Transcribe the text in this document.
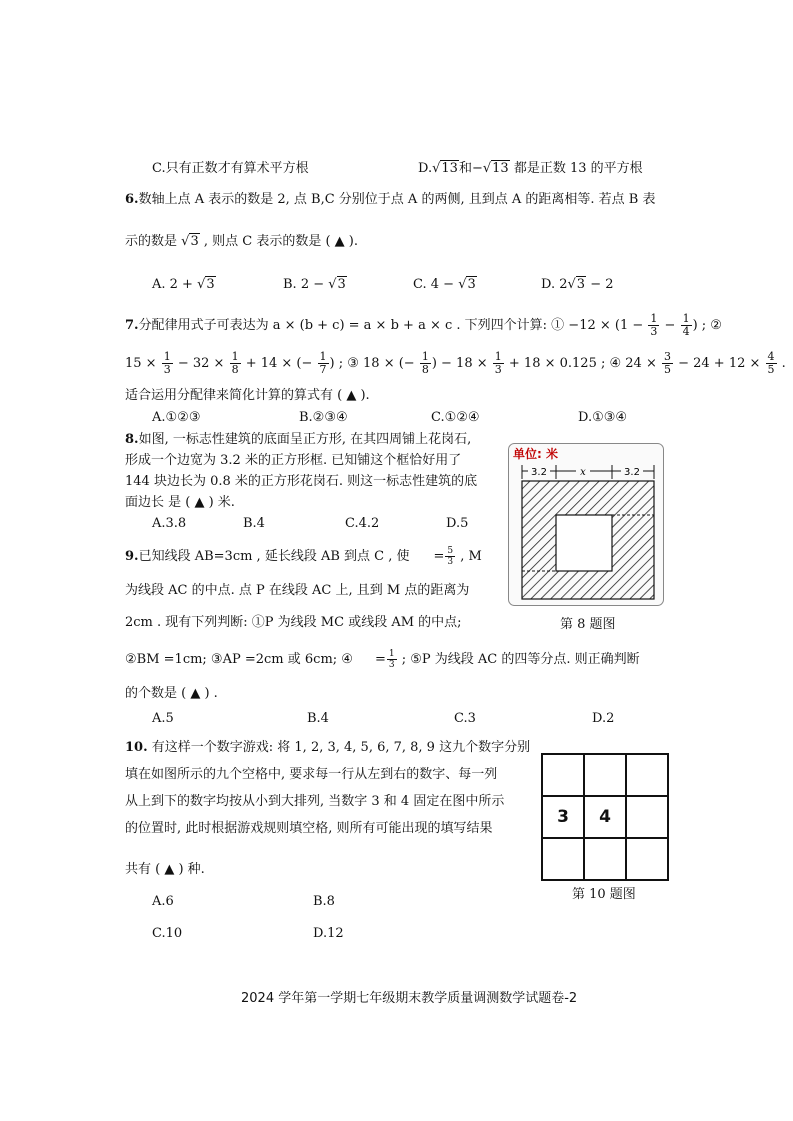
C.只有正数才有算术平方根	D.√13和−√13 都是正数 13 的平方根
6.数轴上点 A 表示的数是 2, 点 B,C 分别位于点 A 的两侧, 且到点 A 的距离相等. 若点 B 表
示的数是 √3 , 则点 C 表示的数是 ( ▲ ).
A. 2 + √3	B. 2 − √3	C. 4 − √3	D. 2√3 − 2
7.分配律用式子可表达为 a × (b + c) = a × b + a × c . 下列四个计算: ① $-12 \times (1 - \frac{1}{3} - \frac{1}{4}$ ) ; ②
$15 \times \frac{1}{3} - 32 \times \frac{1}{8} + 14$ × (− $\frac{1}{7}$ ) ; ③ 18 × (− $\frac{1}{8}$ ) − $18 \times \frac{1}{3} + 18 \times 0.125$ ; ④ $24 \times \frac{3}{5} - 24 + 12 \times \frac{4}{5}$ .
适合运用分配律来简化计算的算式有 ( ▲ ).
A.①②③	B.②③④	C.①②④	D.①③④
8.如图, 一标志性建筑的底面呈正方形, 在其四周铺上花岗石,
形成一个边宽为 3.2 米的正方形框. 已知铺这个框恰好用了
144 块边长为 0.8 米的正方形花岗石. 则这一标志性建筑的底
面边长 是 ( ▲ ) 米.
A.3.8	B.4	C.4.2	D.5
单位: 米
3.2	x	3.2
第 8 题图
9.已知线段 AB=3cm , 延长线段 AB 到点 C , 使 = $\frac{5}{3}$ , M
为线段 AC 的中点. 点 P 在线段 AC 上, 且到 M 点的距离为
2cm . 现有下列判断: ①P 为线段 MC 或线段 AM 的中点;
②BM =1cm; ③AP =2cm 或 6cm; ④ = $\frac{1}{3}$ ; ⑤P 为线段 AC 的四等分点. 则正确判断
的个数是 ( ▲ ) .
A.5	B.4	C.3	D.2
10. 有这样一个数字游戏: 将 1, 2, 3, 4, 5, 6, 7, 8, 9 这九个数字分别
填在如图所示的九个空格中, 要求每一行从左到右的数字、每一列
从上到下的数字均按从小到大排列, 当数字 3 和 4 固定在图中所示
的位置时, 此时根据游戏规则填空格, 则所有可能出现的填写结果
共有 ( ▲ ) 种.
A.6	B.8
C.10	D.12

3	4	

第 10 题图
2024 学年第一学期七年级期末教学质量调测数学试题卷-2
